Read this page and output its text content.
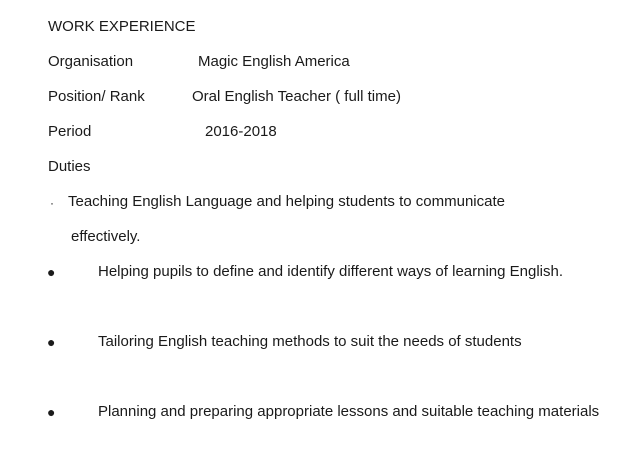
WORK EXPERIENCE
Organisation	Magic English America
Position/ Rank	Oral English Teacher ( full time)
Period	2016-2018
Duties
· Teaching English Language and helping students to communicate
effectively.
●	Helping pupils to define and identify different ways of learning English.
●	Tailoring English teaching methods to suit the needs of students
●	Planning and preparing appropriate lessons and suitable teaching materials
